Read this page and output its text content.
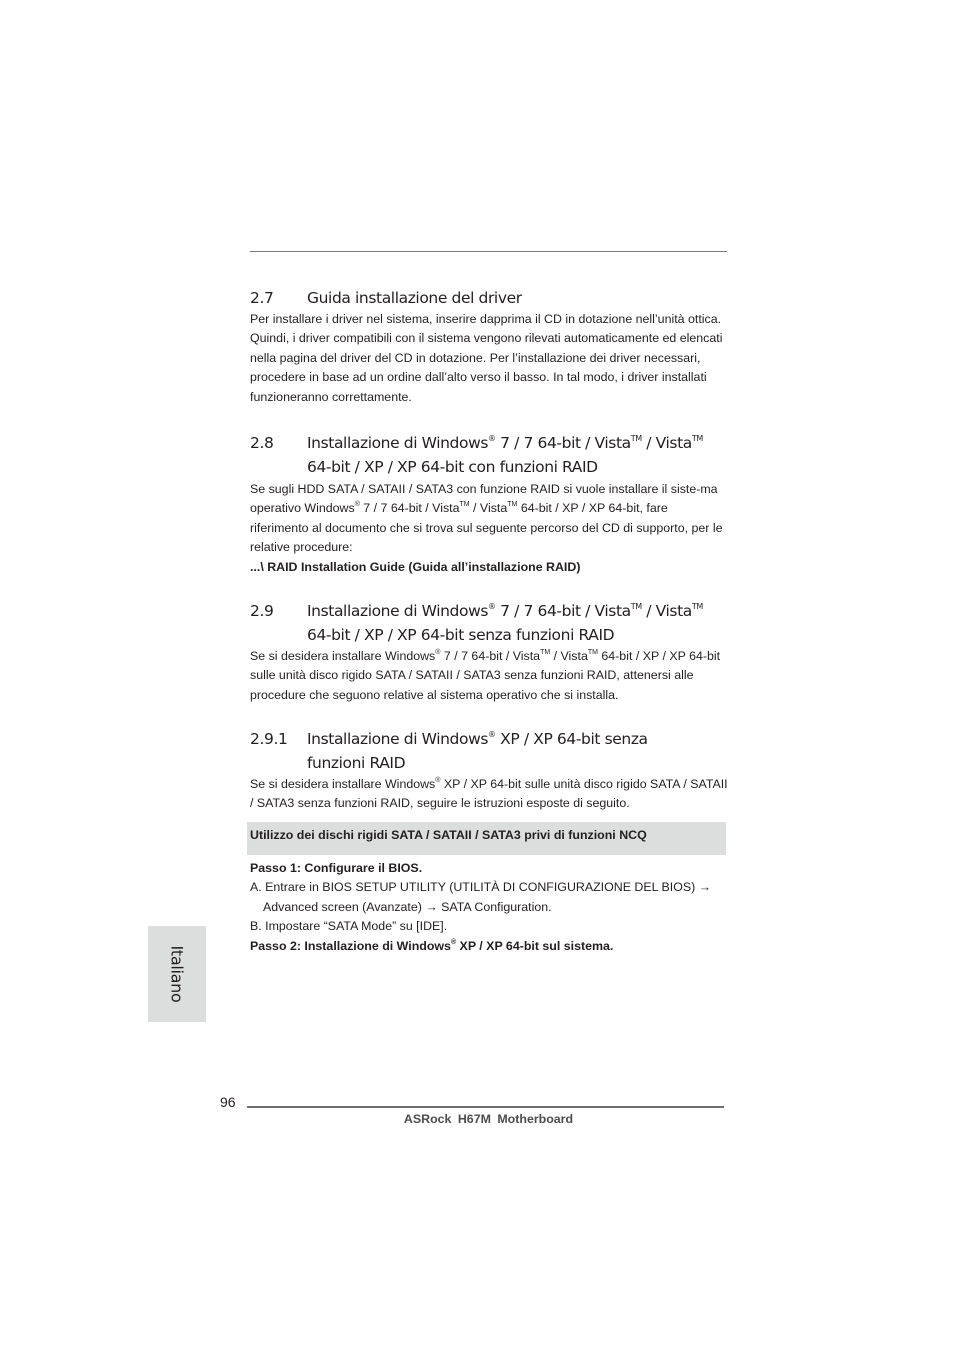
2.7 Guida installazione del driver

Per installare i driver nel sistema, inserire dapprima il CD in dotazione nell’unità ottica. Quindi, i driver compatibili con il sistema vengono rilevati automaticamente ed elencati nella pagina del driver del CD in dotazione. Per l’installazione dei driver necessari, procedere in base ad un ordine dall’alto verso il basso. In tal modo, i driver installati funzioneranno correttamente.

2.8 Installazione di Windows® 7 / 7 64-bit / Vista™ / Vista™
64-bit / XP / XP 64-bit con funzioni RAID

Se sugli HDD SATA / SATAII / SATA3 con funzione RAID si vuole installare il siste-ma operativo Windows® 7 / 7 64-bit / Vista™ / Vista™ 64-bit / XP / XP 64-bit, fare riferimento al documento che si trova sul seguente percorso del CD di supporto, per le relative procedure:

...\ RAID Installation Guide (Guida all’installazione RAID)

2.9 Installazione di Windows® 7 / 7 64-bit / Vista™ / Vista™
64-bit / XP / XP 64-bit senza funzioni RAID

Se si desidera installare Windows® 7 / 7 64-bit / Vista™ / Vista™ 64-bit / XP / XP 64-bit sulle unità disco rigido SATA / SATAII / SATA3 senza funzioni RAID, attenersi alle procedure che seguono relative al sistema operativo che si installa.

2.9.1 Installazione di Windows® XP / XP 64-bit senza
funzioni RAID

Se si desidera installare Windows® XP / XP 64-bit sulle unità disco rigido SATA / SATAII / SATA3 senza funzioni RAID, seguire le istruzioni esposte di seguito.

Utilizzo dei dischi rigidi SATA / SATAII / SATA3 privi di funzioni NCQ

Passo 1: Configurare il BIOS.

A. Entrare in BIOS SETUP UTILITY (UTILITÀ DI CONFIGURAZIONE DEL BIOS) →

Advanced screen (Avanzate) → SATA Configuration.

B. Impostare “SATA Mode” su [IDE].

Passo 2: Installazione di Windows® XP / XP 64-bit sul sistema.

Italiano
96
ASRock H67M Motherboard
